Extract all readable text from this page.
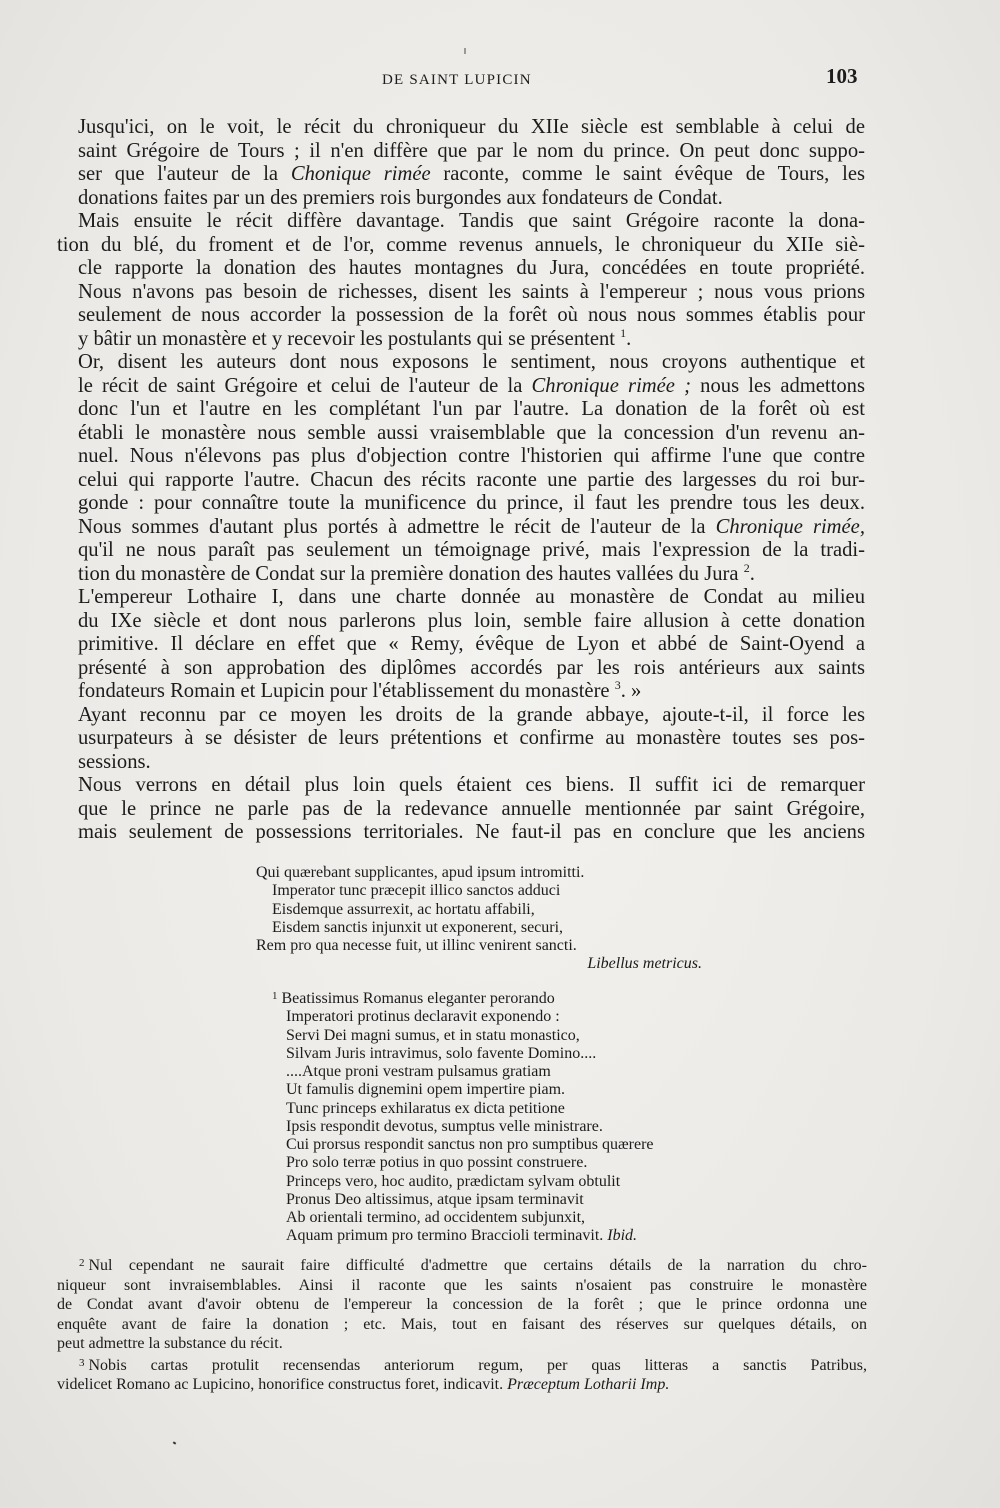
DE SAINT LUPICIN	103

Jusqu'ici, on le voit, le récit du chroniqueur du XIIe siècle est semblable à celui de
saint Grégoire de Tours ; il n'en diffère que par le nom du prince. On peut donc suppo-
ser que l'auteur de la Chonique rimée raconte, comme le saint évêque de Tours, les
donations faites par un des premiers rois burgondes aux fondateurs de Condat.

Mais ensuite le récit diffère davantage. Tandis que saint Grégoire raconte la dona-
tion du blé, du froment et de l'or, comme revenus annuels, le chroniqueur du XIIe siè-
cle rapporte la donation des hautes montagnes du Jura, concédées en toute propriété.
Nous n'avons pas besoin de richesses, disent les saints à l'empereur ; nous vous prions
seulement de nous accorder la possession de la forêt où nous nous sommes établis pour
y bâtir un monastère et y recevoir les postulants qui se présentent $^1$.

Or, disent les auteurs dont nous exposons le sentiment, nous croyons authentique et
le récit de saint Grégoire et celui de l'auteur de la Chronique rimée ; nous les admettons
donc l'un et l'autre en les complétant l'un par l'autre. La donation de la forêt où est
établi le monastère nous semble aussi vraisemblable que la concession d'un revenu an-
nuel. Nous n'élevons pas plus d'objection contre l'historien qui affirme l'une que contre
celui qui rapporte l'autre. Chacun des récits raconte une partie des largesses du roi bur-
gonde : pour connaître toute la munificence du prince, il faut les prendre tous les deux.
Nous sommes d'autant plus portés à admettre le récit de l'auteur de la Chronique rimée,
qu'il ne nous paraît pas seulement un témoignage privé, mais l'expression de la tradi-
tion du monastère de Condat sur la première donation des hautes vallées du Jura $^2$.

L'empereur Lothaire I, dans une charte donnée au monastère de Condat au milieu
du IXe siècle et dont nous parlerons plus loin, semble faire allusion à cette donation
primitive. Il déclare en effet que « Remy, évêque de Lyon et abbé de Saint-Oyend a
présenté à son approbation des diplômes accordés par les rois antérieurs aux saints
fondateurs Romain et Lupicin pour l'établissement du monastère $^3$. »

Ayant reconnu par ce moyen les droits de la grande abbaye, ajoute-t-il, il force les
usurpateurs à se désister de leurs prétentions et confirme au monastère toutes ses pos-
sessions.

Nous verrons en détail plus loin quels étaient ces biens. Il suffit ici de remarquer
que le prince ne parle pas de la redevance annuelle mentionnée par saint Grégoire,
mais seulement de possessions territoriales. Ne faut-il pas en conclure que les anciens

Qui quærebant supplicantes, apud ipsum intromitti.
Imperator tunc præcepit illico sanctos adduci
Eisdemque assurrexit, ac hortatu affabili,
Eisdem sanctis injunxit ut exponerent, securi,
Rem pro qua necesse fuit, ut illinc venirent sancti.
Libellus metricus.
$^1$ Beatissimus Romanus eleganter perorando
Imperatori protinus declaravit exponendo :
Servi Dei magni sumus, et in statu monastico,
Silvam Juris intravimus, solo favente Domino....
....Atque proni vestram pulsamus gratiam
Ut famulis dignemini opem impertire piam.
Tunc princeps exhilaratus ex dicta petitione
Ipsis respondit devotus, sumptus velle ministrare.
Cui prorsus respondit sanctus non pro sumptibus quærere
Pro solo terræ potius in quo possint construere.
Princeps vero, hoc audito, prædictam sylvam obtulit
Pronus Deo altissimus, atque ipsam terminavit
Ab orientali termino, ad occidentem subjunxit,
Aquam primum pro termino Braccioli terminavit. Ibid.

$^2$ Nul cependant ne saurait faire difficulté d'admettre que certains détails de la narration du chro-
niqueur sont invraisemblables. Ainsi il raconte que les saints n'osaient pas construire le monastère
de Condat avant d'avoir obtenu de l'empereur la concession de la forêt ; que le prince ordonna une
enquête avant de faire la donation ; etc. Mais, tout en faisant des réserves sur quelques détails, on
peut admettre la substance du récit.

$^3$ Nobis cartas protulit recensendas anteriorum regum, per quas litteras a sanctis Patribus,
videlicet Romano ac Lupicino, honorifice constructus foret, indicavit. Præceptum Lotharii Imp.
